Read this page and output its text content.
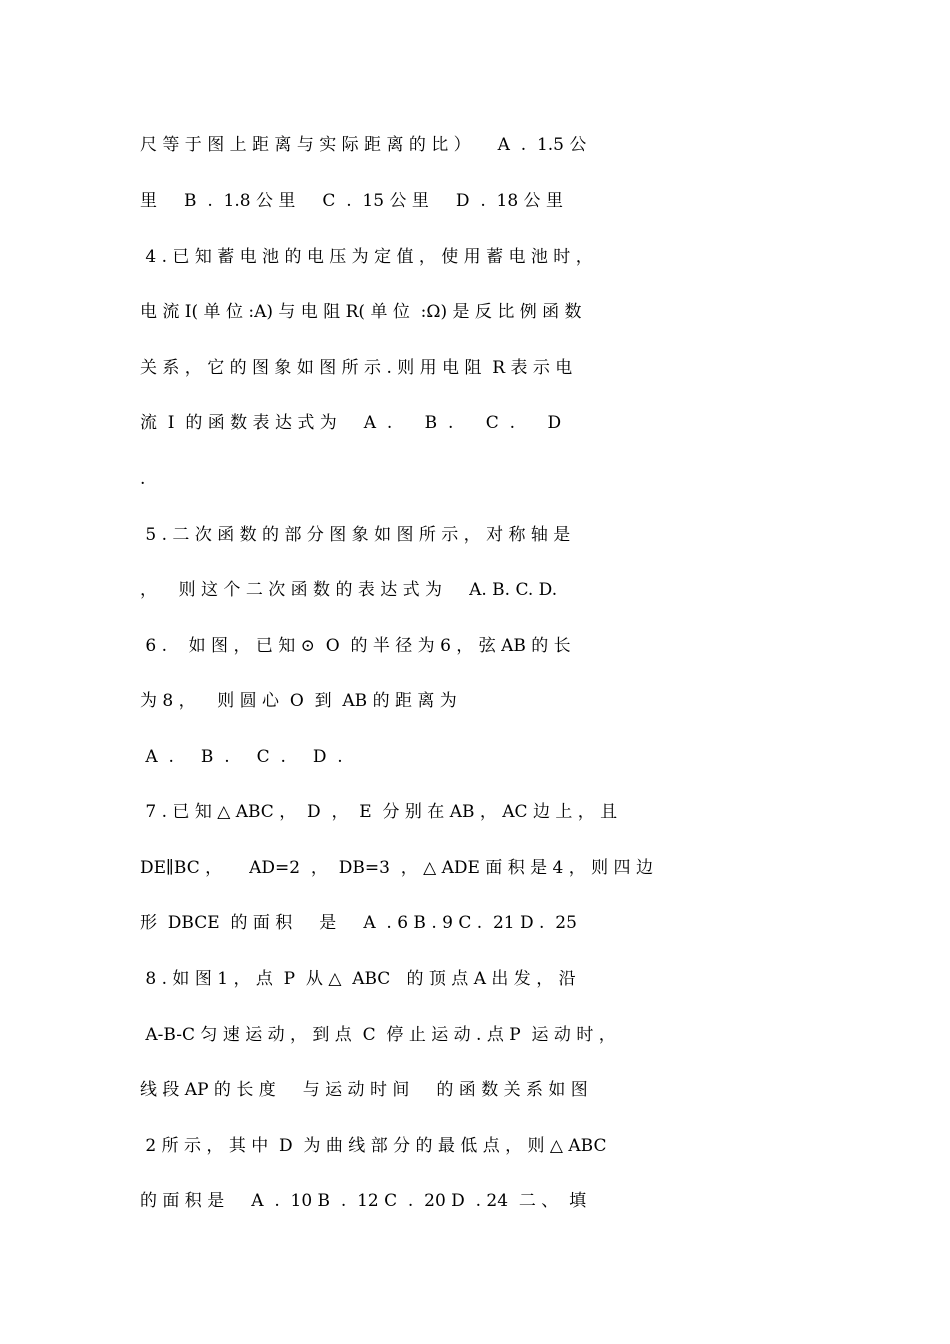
尺 等 于 图 上 距 离 与 实 际 距 离 的 比 ）     A  .  1.5 公
里     B  .  1.8 公 里     C  .  15 公 里     D  .  18 公 里
4 . 已 知 蓄 电 池 的 电 压 为 定 值 ， 使 用 蓄 电 池 时 ，
电 流 I( 单 位 :A) 与 电 阻 R( 单 位  :Ω) 是 反 比 例 函 数
关 系 ， 它 的 图 象 如 图 所 示 . 则 用 电 阻  R 表 示 电
流  I  的 函 数 表 达 式 为     A  .      B  .      C  .      D
.
5 . 二 次 函 数 的 部 分 图 象 如 图 所 示 ， 对 称 轴 是
，    则 这 个 二 次 函 数 的 表 达 式 为     A. B. C. D.
6 .    如 图 ， 已 知 ⊙  O  的 半 径 为 6 ， 弦 AB 的 长
为 8 ，    则 圆 心  O  到  AB 的 距 离 为
A  .     B  .     C  .     D  .
7 . 已 知 △ ABC ，  D  ，  E  分 别 在 AB ， AC 边 上 ， 且
DE∥BC ，     AD=2  ，  DB=3  ， △ ADE 面 积 是 4 ， 则 四 边
形  DBCE  的 面 积     是     A  . 6 B . 9 C .  21 D .  25
8 . 如 图 1 ， 点  P  从 △  ABC   的 顶 点 A 出 发 ， 沿
A-B-C 匀 速 运 动 ， 到 点  C  停 止 运 动 . 点 P  运 动 时 ，
线 段 AP 的 长 度     与 运 动 时 间     的 函 数 关 系 如 图
2 所 示 ， 其 中  D  为 曲 线 部 分 的 最 低 点 ， 则 △ ABC
的 面 积 是     A  .  10 B  .  12 C  .  20 D  . 24  二 、  填
